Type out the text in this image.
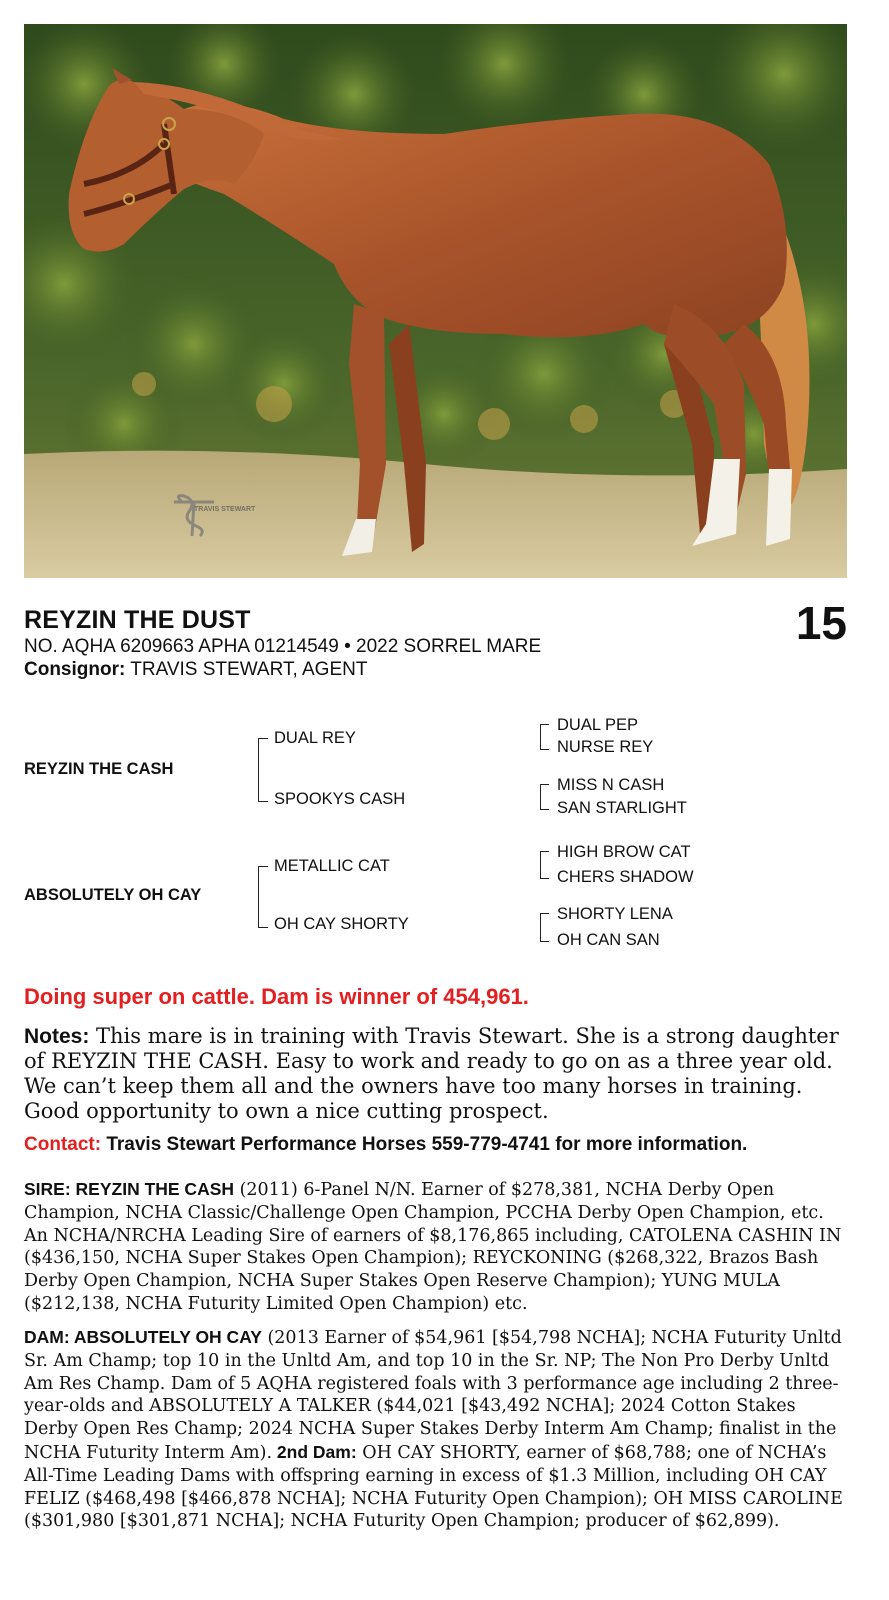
TRAVIS STEWART
REYZIN THE DUST	15
NO. AQHA 6209663 APHA 01214549 • 2022 SORREL MARE
Consignor: TRAVIS STEWART, AGENT
REYZIN THE CASH
ABSOLUTELY OH CAY
DUAL REY
SPOOKYS CASH
METALLIC CAT
OH CAY SHORTY
DUAL PEP
NURSE REY
MISS N CASH
SAN STARLIGHT
HIGH BROW CAT
CHERS SHADOW
SHORTY LENA
OH CAN SAN
Doing super on cattle. Dam is winner of 454,961.
Notes: This mare is in training with Travis Stewart. She is a strong daughter of REYZIN THE CASH. Easy to work and ready to go on as a three year old. We can’t keep them all and the owners have too many horses in training. Good opportunity to own a nice cutting prospect.
Contact: Travis Stewart Performance Horses 559-779-4741 for more information.
SIRE: REYZIN THE CASH (2011) 6-Panel N/N. Earner of $278,381, NCHA Derby Open Champion, NCHA Classic/Challenge Open Champion, PCCHA Derby Open Champion, etc. An NCHA/NRCHA Leading Sire of earners of $8,176,865 including, CATOLENA CASHIN IN ($436,150, NCHA Super Stakes Open Champion); REYCKONING ($268,322, Brazos Bash Derby Open Champion, NCHA Super Stakes Open Reserve Champion); YUNG MULA ($212,138, NCHA Futurity Limited Open Champion) etc.
DAM: ABSOLUTELY OH CAY (2013 Earner of $54,961 [$54,798 NCHA]; NCHA Futurity Unltd Sr. Am Champ; top 10 in the Unltd Am, and top 10 in the Sr. NP; The Non Pro Derby Unltd Am Res Champ. Dam of 5 AQHA registered foals with 3 performance age including 2 three-year-olds and ABSOLUTELY A TALKER ($44,021 [$43,492 NCHA]; 2024 Cotton Stakes Derby Open Res Champ; 2024 NCHA Super Stakes Derby Interm Am Champ; finalist in the NCHA Futurity Interm Am). 2nd Dam: OH CAY SHORTY, earner of $68,788; one of NCHA’s All-Time Leading Dams with offspring earning in excess of $1.3 Million, including OH CAY FELIZ ($468,498 [$466,878 NCHA]; NCHA Futurity Open Champion); OH MISS CAROLINE ($301,980 [$301,871 NCHA]; NCHA Futurity Open Champion; producer of $62,899).
